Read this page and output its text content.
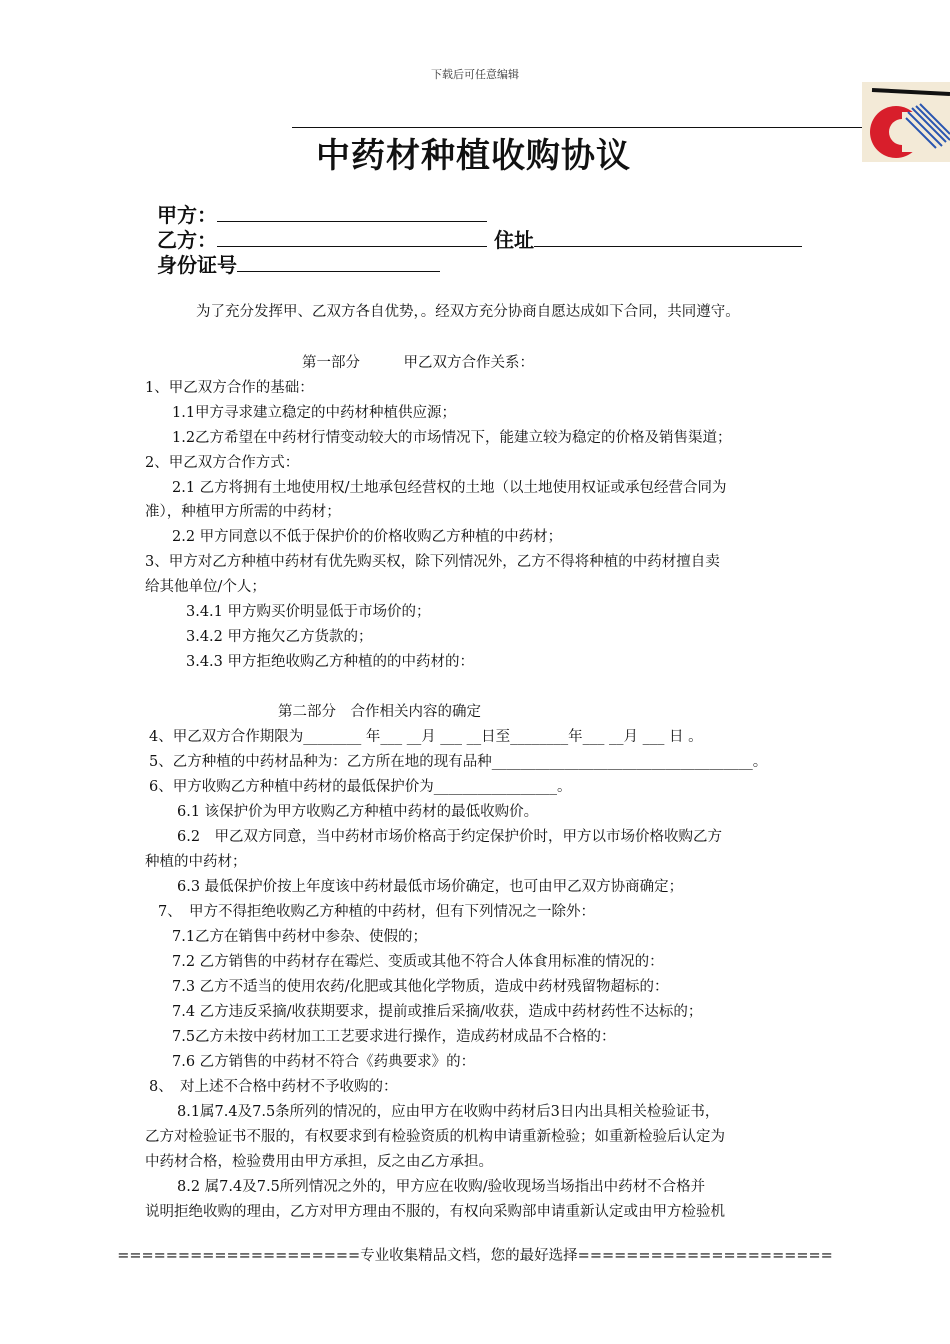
下载后可任意编辑
中药材种植收购协议
甲方：
乙方：	住址
身份证号
为了充分发挥甲、乙双方各自优势，。经双方充分协商自愿达成如下合同，共同遵守。
第一部分　　　甲乙双方合作关系：
1、甲乙双方合作的基础：
1.1甲方寻求建立稳定的中药材种植供应源；
1.2乙方希望在中药材行情变动较大的市场情况下，能建立较为稳定的价格及销售渠道；
2、甲乙双方合作方式：
2.1 乙方将拥有土地使用权/土地承包经营权的土地（以土地使用权证或承包经营合同为
准），种植甲方所需的中药材；
2.2 甲方同意以不低于保护价的价格收购乙方种植的中药材；
3、甲方对乙方种植中药材有优先购买权，除下列情况外，乙方不得将种植的中药材擅自卖
给其他单位/个人；
3.4.1 甲方购买价明显低于市场价的；
3.4.2 甲方拖欠乙方货款的；
3.4.3 甲方拒绝收购乙方种植的的中药材的：
第二部分　合作相关内容的确定
4、甲乙双方合作期限为________ 年___ __月 ___ __日至________年___ __月 ___ 日 。
5、乙方种植的中药材品种为：乙方所在地的现有品种____________________________________。
6、甲方收购乙方种植中药材的最低保护价为_________________。
6.1 该保护价为甲方收购乙方种植中药材的最低收购价。
6.2　甲乙双方同意，当中药材市场价格高于约定保护价时，甲方以市场价格收购乙方
种植的中药材；
6.3 最低保护价按上年度该中药材最低市场价确定，也可由甲乙双方协商确定；
7、　甲方不得拒绝收购乙方种植的中药材，但有下列情况之一除外：
7.1乙方在销售中药材中参杂、使假的；
7.2 乙方销售的中药材存在霉烂、变质或其他不符合人体食用标准的情况的：
7.3 乙方不适当的使用农药/化肥或其他化学物质，造成中药材残留物超标的：
7.4 乙方违反采摘/收获期要求，提前或推后采摘/收获，造成中药材药性不达标的；
7.5乙方未按中药材加工工艺要求进行操作，造成药材成品不合格的：
7.6 乙方销售的中药材不符合《药典要求》的：
8、　对上述不合格中药材不予收购的：
8.1属7.4及7.5条所列的情况的，应由甲方在收购中药材后3日内出具相关检验证书，
乙方对检验证书不服的，有权要求到有检验资质的机构申请重新检验；如重新检验后认定为
中药材合格，检验费用由甲方承担，反之由乙方承担。
8.2 属7.4及7.5所列情况之外的，甲方应在收购/验收现场当场指出中药材不合格并
说明拒绝收购的理由，乙方对甲方理由不服的，有权向采购部申请重新认定或由甲方检验机
====================专业收集精品文档，您的最好选择=====================
